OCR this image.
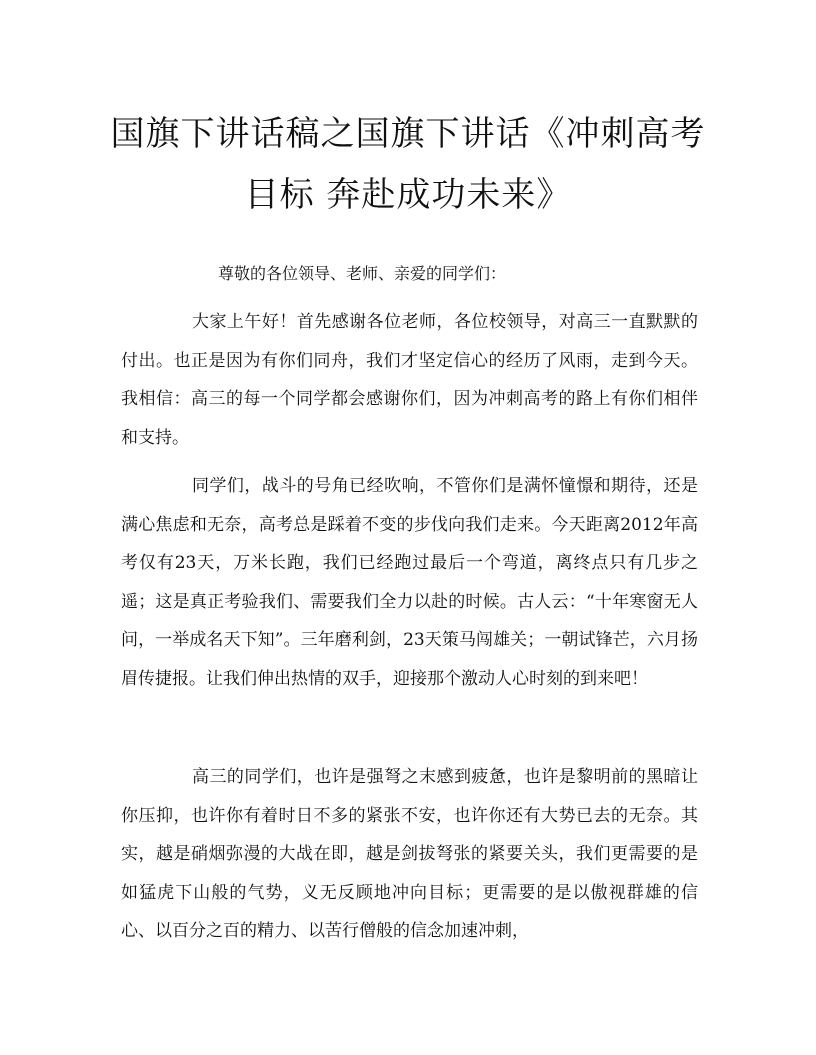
国旗下讲话稿之国旗下讲话《冲刺高考目标 奔赴成功未来》

尊敬的各位领导、老师、亲爱的同学们：

大家上午好！首先感谢各位老师，各位校领导，对高三一直默默的付出。也正是因为有你们同舟，我们才坚定信心的经历了风雨，走到今天。我相信：高三的每一个同学都会感谢你们，因为冲刺高考的路上有你们相伴和支持。

同学们，战斗的号角已经吹响，不管你们是满怀憧憬和期待，还是满心焦虑和无奈，高考总是踩着不变的步伐向我们走来。今天距离2012年高考仅有23天，万米长跑，我们已经跑过最后一个弯道，离终点只有几步之遥；这是真正考验我们、需要我们全力以赴的时候。古人云：“十年寒窗无人问，一举成名天下知”。三年磨利剑，23天策马闯雄关；一朝试锋芒，六月扬眉传捷报。让我们伸出热情的双手，迎接那个激动人心时刻的到来吧！

高三的同学们，也许是强弩之末感到疲惫，也许是黎明前的黑暗让你压抑，也许你有着时日不多的紧张不安，也许你还有大势已去的无奈。其实，越是硝烟弥漫的大战在即，越是剑拔弩张的紧要关头，我们更需要的是如猛虎下山般的气势，义无反顾地冲向目标；更需要的是以傲视群雄的信心、以百分之百的精力、以苦行僧般的信念加速冲刺，
